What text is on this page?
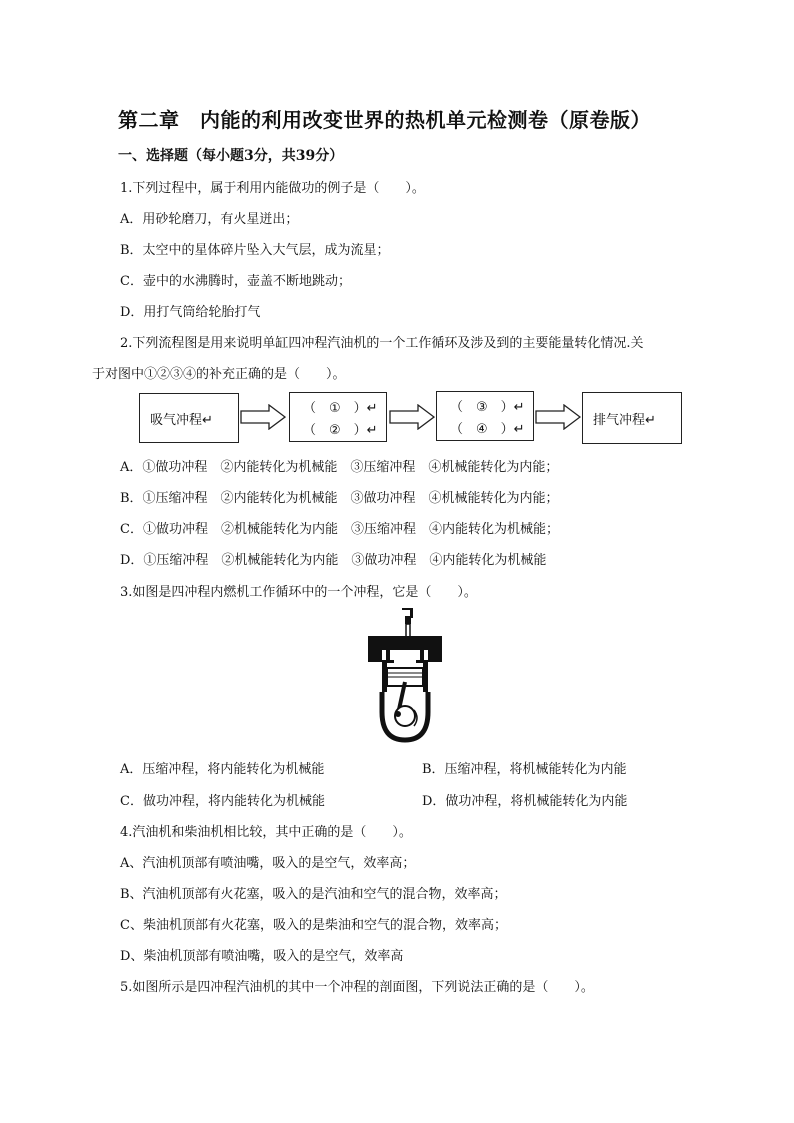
第二章　内能的利用改变世界的热机单元检测卷（原卷版）
一、选择题（每小题3分，共39分）
1.下列过程中，属于利用内能做功的例子是（　　）。
A．用砂轮磨刀，有火星迸出；
B．太空中的星体碎片坠入大气层，成为流星；
C．壶中的水沸腾时，壶盖不断地跳动；
D．用打气筒给轮胎打气
2.下列流程图是用来说明单缸四冲程汽油机的一个工作循环及涉及到的主要能量转化情况.关
于对图中①②③④的补充正确的是（　　）。
吸气冲程↵
（　①　）↵
（　②　）↵
（　③　）↵
（　④　）↵
排气冲程↵
A．①做功冲程　②内能转化为机械能　③压缩冲程　④机械能转化为内能；
B．①压缩冲程　②内能转化为机械能　③做功冲程　④机械能转化为内能；
C．①做功冲程　②机械能转化为内能　③压缩冲程　④内能转化为机械能；
D．①压缩冲程　②机械能转化为内能　③做功冲程　④内能转化为机械能
3.如图是四冲程内燃机工作循环中的一个冲程，它是（　　）。
A．压缩冲程，将内能转化为机械能	B．压缩冲程，将机械能转化为内能
C．做功冲程，将内能转化为机械能	D．做功冲程，将机械能转化为内能
4.汽油机和柴油机相比较，其中正确的是（　　）。
A、汽油机顶部有喷油嘴，吸入的是空气，效率高；
B、汽油机顶部有火花塞，吸入的是汽油和空气的混合物，效率高；
C、柴油机顶部有火花塞，吸入的是柴油和空气的混合物，效率高；
D、柴油机顶部有喷油嘴，吸入的是空气，效率高
5.如图所示是四冲程汽油机的其中一个冲程的剖面图，下列说法正确的是（　　）。
